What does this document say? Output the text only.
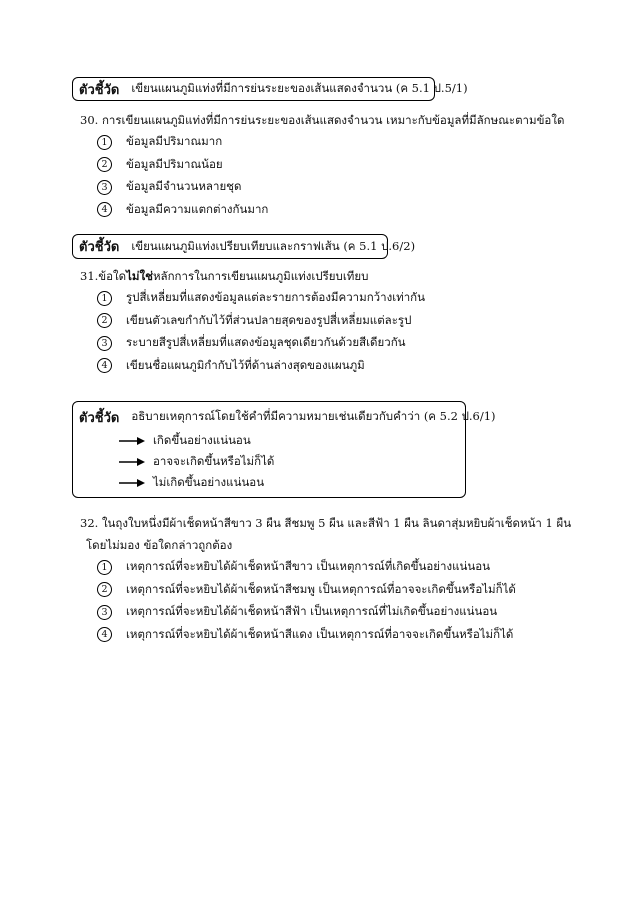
ตัวชี้วัด เขียนแผนภูมิแท่งที่มีการย่นระยะของเส้นแสดงจำนวน (ค 5.1 ป.5/1)
30. การเขียนแผนภูมิแท่งที่มีการย่นระยะของเส้นแสดงจำนวน เหมาะกับข้อมูลที่มีลักษณะตามข้อใด
1	ข้อมูลมีปริมาณมาก
2	ข้อมูลมีปริมาณน้อย
3	ข้อมูลมีจำนวนหลายชุด
4	ข้อมูลมีความแตกต่างกันมาก
ตัวชี้วัด เขียนแผนภูมิแท่งเปรียบเทียบและกราฟเส้น (ค 5.1 ป.6/2)
31.ข้อใดไม่ใช่หลักการในการเขียนแผนภูมิแท่งเปรียบเทียบ
1	รูปสี่เหลี่ยมที่แสดงข้อมูลแต่ละรายการต้องมีความกว้างเท่ากัน
2	เขียนตัวเลขกำกับไว้ที่ส่วนปลายสุดของรูปสี่เหลี่ยมแต่ละรูป
3	ระบายสีรูปสี่เหลี่ยมที่แสดงข้อมูลชุดเดียวกันด้วยสีเดียวกัน
4	เขียนชื่อแผนภูมิกำกับไว้ที่ด้านล่างสุดของแผนภูมิ
ตัวชี้วัด อธิบายเหตุการณ์โดยใช้คำที่มีความหมายเช่นเดียวกับคำว่า (ค 5.2 ป.6/1)
เกิดขึ้นอย่างแน่นอน
อาจจะเกิดขึ้นหรือไม่ก็ได้
ไม่เกิดขึ้นอย่างแน่นอน
32. ในถุงใบหนึ่งมีผ้าเช็ดหน้าสีขาว 3 ผืน สีชมพู 5 ผืน และสีฟ้า 1 ผืน ลินดาสุ่มหยิบผ้าเช็ดหน้า 1 ผืน
โดยไม่มอง ข้อใดกล่าวถูกต้อง
1	เหตุการณ์ที่จะหยิบได้ผ้าเช็ดหน้าสีขาว เป็นเหตุการณ์ที่เกิดขึ้นอย่างแน่นอน
2	เหตุการณ์ที่จะหยิบได้ผ้าเช็ดหน้าสีชมพู เป็นเหตุการณ์ที่อาจจะเกิดขึ้นหรือไม่ก็ได้
3	เหตุการณ์ที่จะหยิบได้ผ้าเช็ดหน้าสีฟ้า เป็นเหตุการณ์ที่ไม่เกิดขึ้นอย่างแน่นอน
4	เหตุการณ์ที่จะหยิบได้ผ้าเช็ดหน้าสีแดง เป็นเหตุการณ์ที่อาจจะเกิดขึ้นหรือไม่ก็ได้
